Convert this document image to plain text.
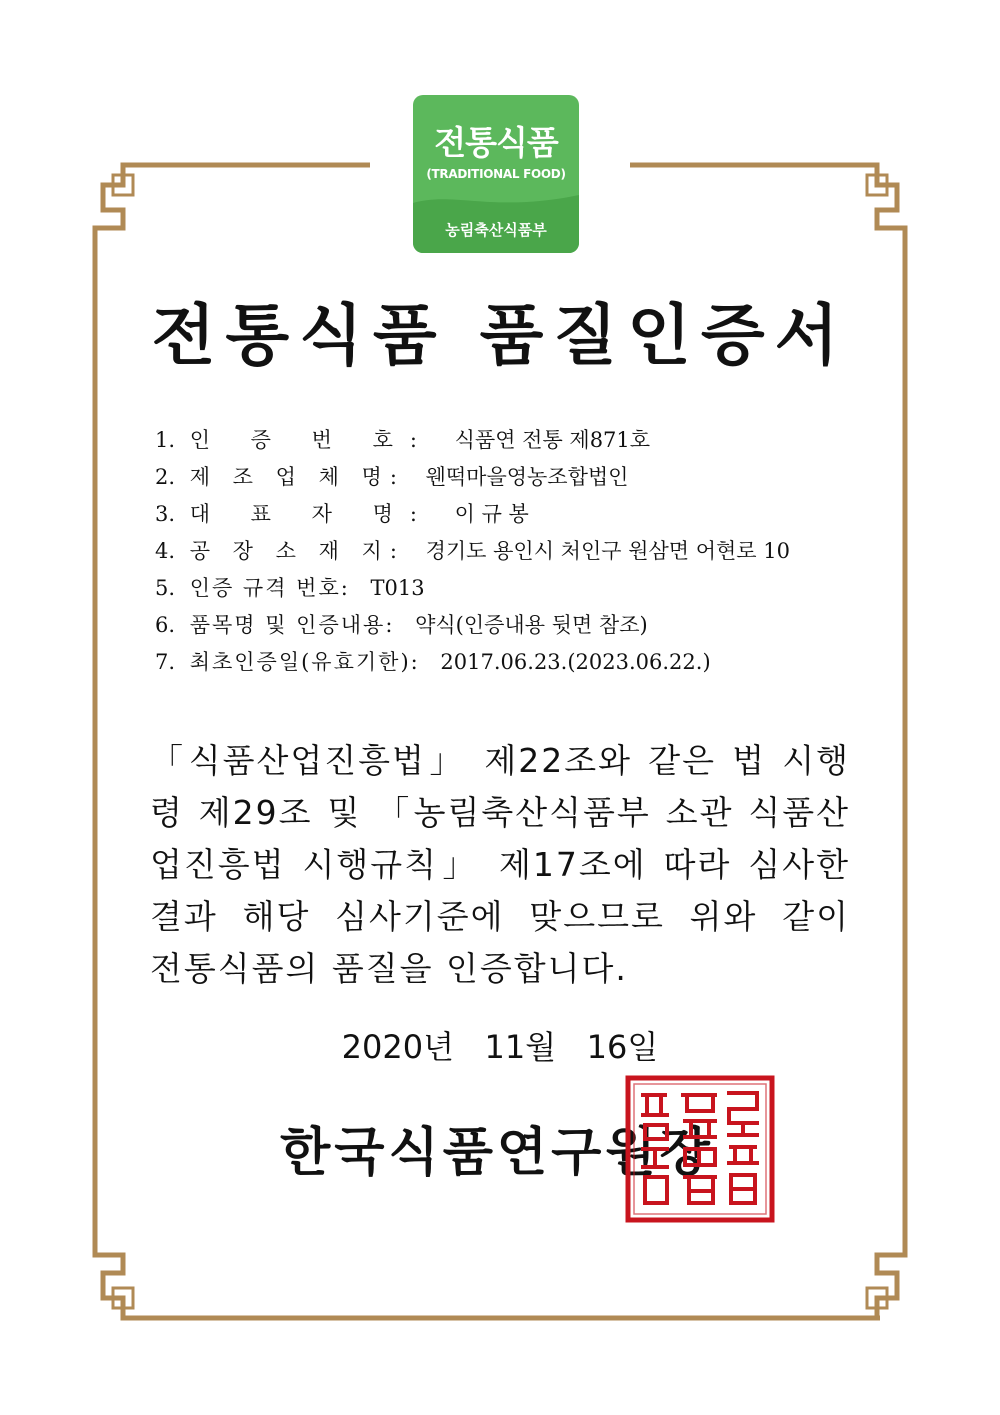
전통식품
(TRADITIONAL FOOD)
농림축산식품부
전통식품 품질인증서
1. 인 증 번 호: 식품연 전통 제871호
2. 제 조 업 체 명: 웬떡마을영농조합법인
3. 대 표 자 명: 이 규 봉
4. 공 장 소 재 지: 경기도 용인시 처인구 원삼면 어현로 10
5. 인증 규격 번호: T013
6. 품목명 및 인증내용: 약식(인증내용 뒷면 참조)
7. 최초인증일(유효기한): 2017.06.23.(2023.06.22.)
「식품산업진흥법」 제22조와 같은 법 시행
령 제29조 및 「농림축산식품부 소관 식품산
업진흥법 시행규칙」 제17조에 따라 심사한
결과 해당 심사기준에 맞으므로 위와 같이
전통식품의 품질을 인증합니다.
2020년   11월   16일
한국식품연구원장
